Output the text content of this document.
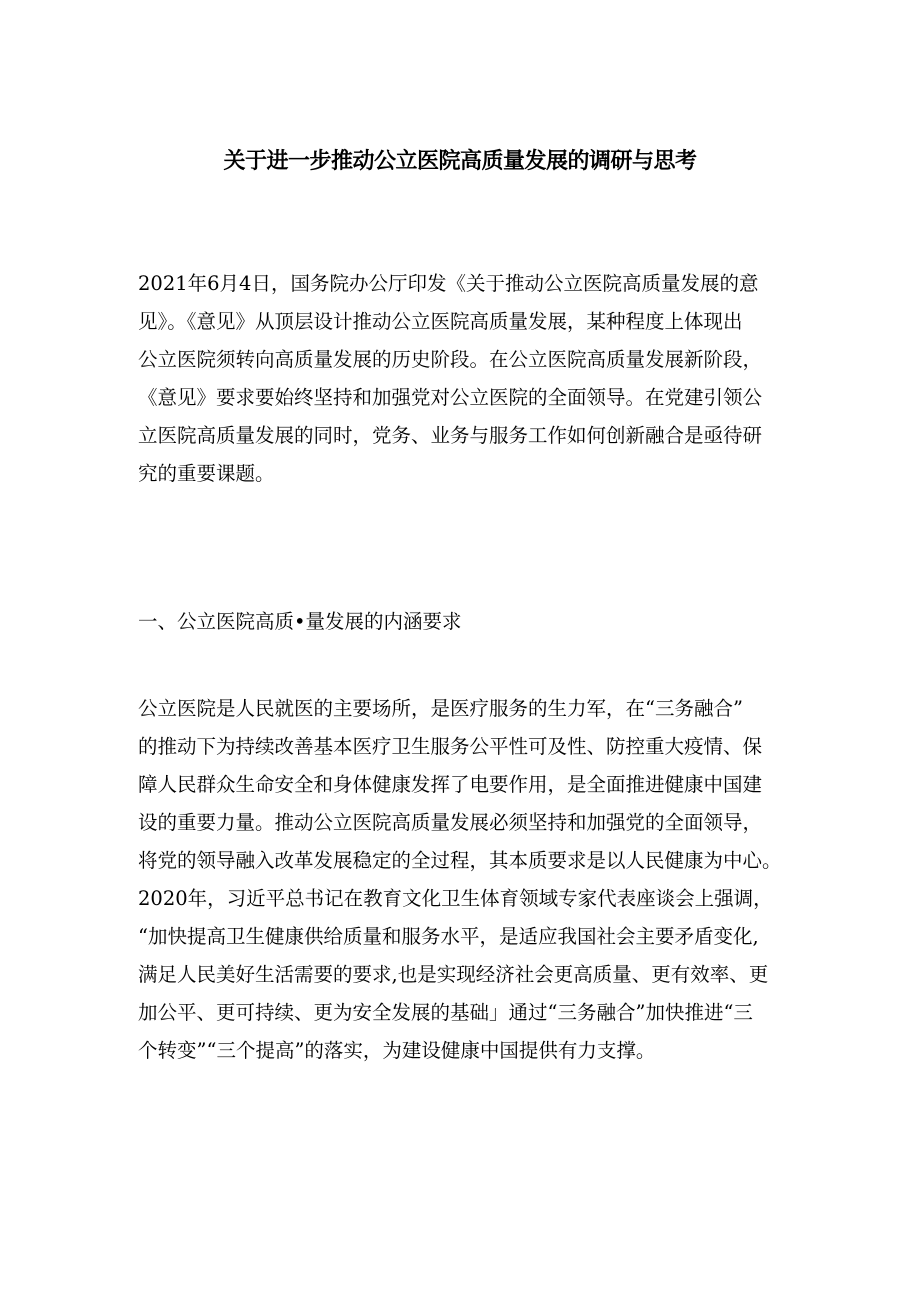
关于进一步推动公立医院高质量发展的调研与思考
2021年6月4日，国务院办公厅印发《关于推动公立医院高质量发展的意
见》。《意见》从顶层设计推动公立医院高质量发展，某种程度上体现出
公立医院须转向高质量发展的历史阶段。在公立医院高质量发展新阶段，
《意见》要求要始终坚持和加强党对公立医院的全面领导。在党建引领公
立医院高质量发展的同时，党务、业务与服务工作如何创新融合是亟待研
究的重要课题。
一、公立医院高质•量发展的内涵要求
公立医院是人民就医的主要场所，是医疗服务的生力军，在“三务融合”
的推动下为持续改善基本医疗卫生服务公平性可及性、防控重大疫情、保
障人民群众生命安全和身体健康发挥了电要作用，是全面推进健康中国建
设的重要力量。推动公立医院高质量发展必须坚持和加强党的全面领导，
将党的领导融入改革发展稳定的全过程，其本质要求是以人民健康为中心。
2020年，习近平总书记在教育文化卫生体育领域专家代表座谈会上强调，
“加快提高卫生健康供给质量和服务水平，是适应我国社会主要矛盾变化,
满足人民美好生活需要的要求,也是实现经济社会更高质量、更有效率、更
加公平、更可持续、更为安全发展的基础」通过“三务融合”加快推进“三
个转变”“三个提高”的落实，为建设健康中国提供有力支撑。
